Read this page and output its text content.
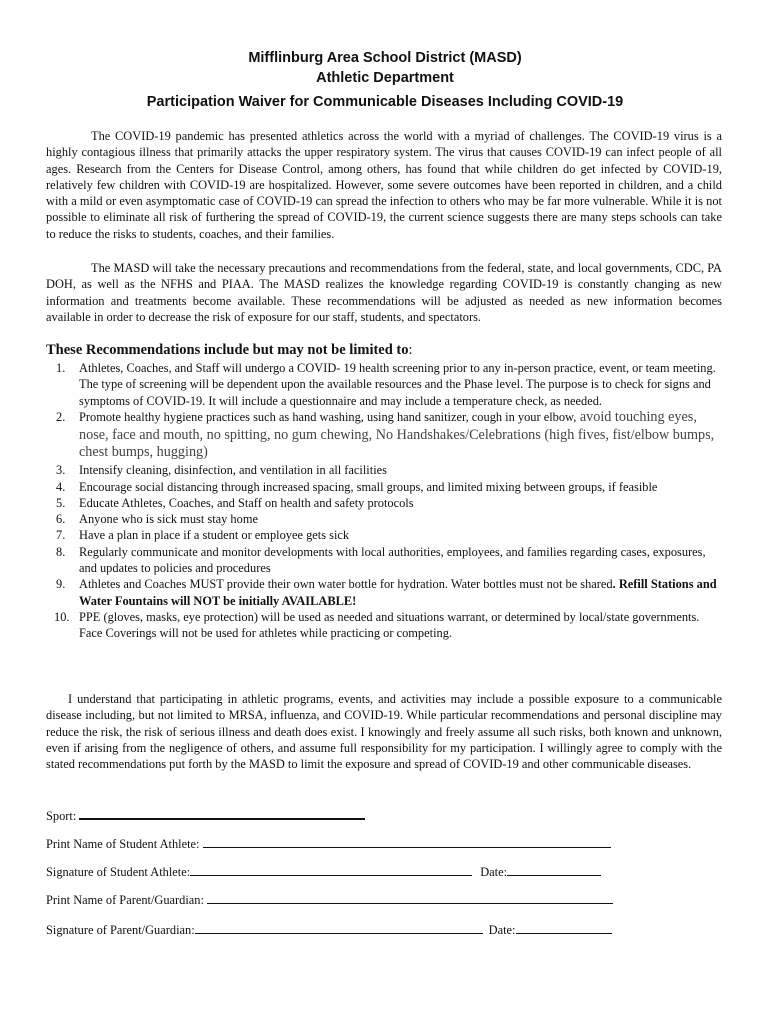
Mifflinburg Area School District (MASD)
Athletic Department
Participation Waiver for Communicable Diseases Including COVID-19
The COVID-19 pandemic has presented athletics across the world with a myriad of challenges. The COVID-19 virus is a highly contagious illness that primarily attacks the upper respiratory system. The virus that causes COVID-19 can infect people of all ages. Research from the Centers for Disease Control, among others, has found that while children do get infected by COVID-19, relatively few children with COVID-19 are hospitalized. However, some severe outcomes have been reported in children, and a child with a mild or even asymptomatic case of COVID-19 can spread the infection to others who may be far more vulnerable. While it is not possible to eliminate all risk of furthering the spread of COVID-19, the current science suggests there are many steps schools can take to reduce the risks to students, coaches, and their families.
The MASD will take the necessary precautions and recommendations from the federal, state, and local governments, CDC, PA DOH, as well as the NFHS and PIAA. The MASD realizes the knowledge regarding COVID-19 is constantly changing as new information and treatments become available. These recommendations will be adjusted as needed as new information becomes available in order to decrease the risk of exposure for our staff, students, and spectators.
These Recommendations include but may not be limited to:
1. Athletes, Coaches, and Staff will undergo a COVID- 19 health screening prior to any in-person practice, event, or team meeting. The type of screening will be dependent upon the available resources and the Phase level. The purpose is to check for signs and symptoms of COVID-19. It will include a questionnaire and may include a temperature check, as needed.
2. Promote healthy hygiene practices such as hand washing, using hand sanitizer, cough in your elbow, avoid touching eyes, nose, face and mouth, no spitting, no gum chewing, No Handshakes/Celebrations (high fives, fist/elbow bumps, chest bumps, hugging)
3. Intensify cleaning, disinfection, and ventilation in all facilities
4. Encourage social distancing through increased spacing, small groups, and limited mixing between groups, if feasible
5. Educate Athletes, Coaches, and Staff on health and safety protocols
6. Anyone who is sick must stay home
7. Have a plan in place if a student or employee gets sick
8. Regularly communicate and monitor developments with local authorities, employees, and families regarding cases, exposures, and updates to policies and procedures
9. Athletes and Coaches MUST provide their own water bottle for hydration. Water bottles must not be shared. Refill Stations and Water Fountains will NOT be initially AVAILABLE!
10. PPE (gloves, masks, eye protection) will be used as needed and situations warrant, or determined by local/state governments. Face Coverings will not be used for athletes while practicing or competing.
I understand that participating in athletic programs, events, and activities may include a possible exposure to a communicable disease including, but not limited to MRSA, influenza, and COVID-19. While particular recommendations and personal discipline may reduce the risk, the risk of serious illness and death does exist. I knowingly and freely assume all such risks, both known and unknown, even if arising from the negligence of others, and assume full responsibility for my participation. I willingly agree to comply with the stated recommendations put forth by the MASD to limit the exposure and spread of COVID-19 and other communicable diseases.
Sport:
Print Name of Student Athlete:
Signature of Student Athlete:	Date:
Print Name of Parent/Guardian:
Signature of Parent/Guardian:	Date:
